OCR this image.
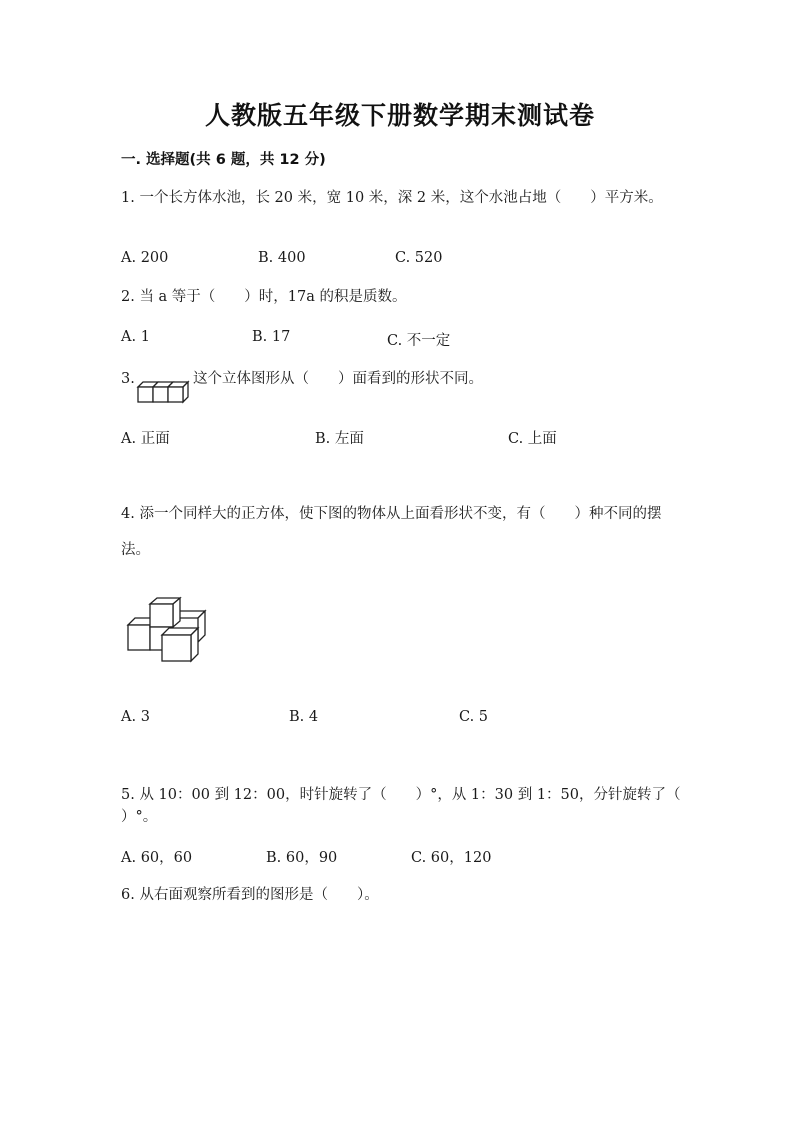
人教版五年级下册数学期末测试卷
一. 选择题(共 6 题，共 12 分)
1. 一个长方体水池，长 20 米，宽 10 米，深 2 米，这个水池占地（　　）平方米。
A. 200	B. 400	C. 520
2. 当 a 等于（　　）时，17a 的积是质数。
A. 1	B. 17	C. 不一定
3.	这个立体图形从（　　）面看到的形状不同。
A. 正面	B. 左面	C. 上面
4. 添一个同样大的正方体，使下图的物体从上面看形状不变，有（　　）种不同的摆法。
A. 3	B. 4	C. 5
5. 从 10：00 到 12：00，时针旋转了（　　）°，从 1：30 到 1：50，分针旋转了（　　）°。
A. 60，60	B. 60，90	C. 60，120
6. 从右面观察所看到的图形是（　　）。
